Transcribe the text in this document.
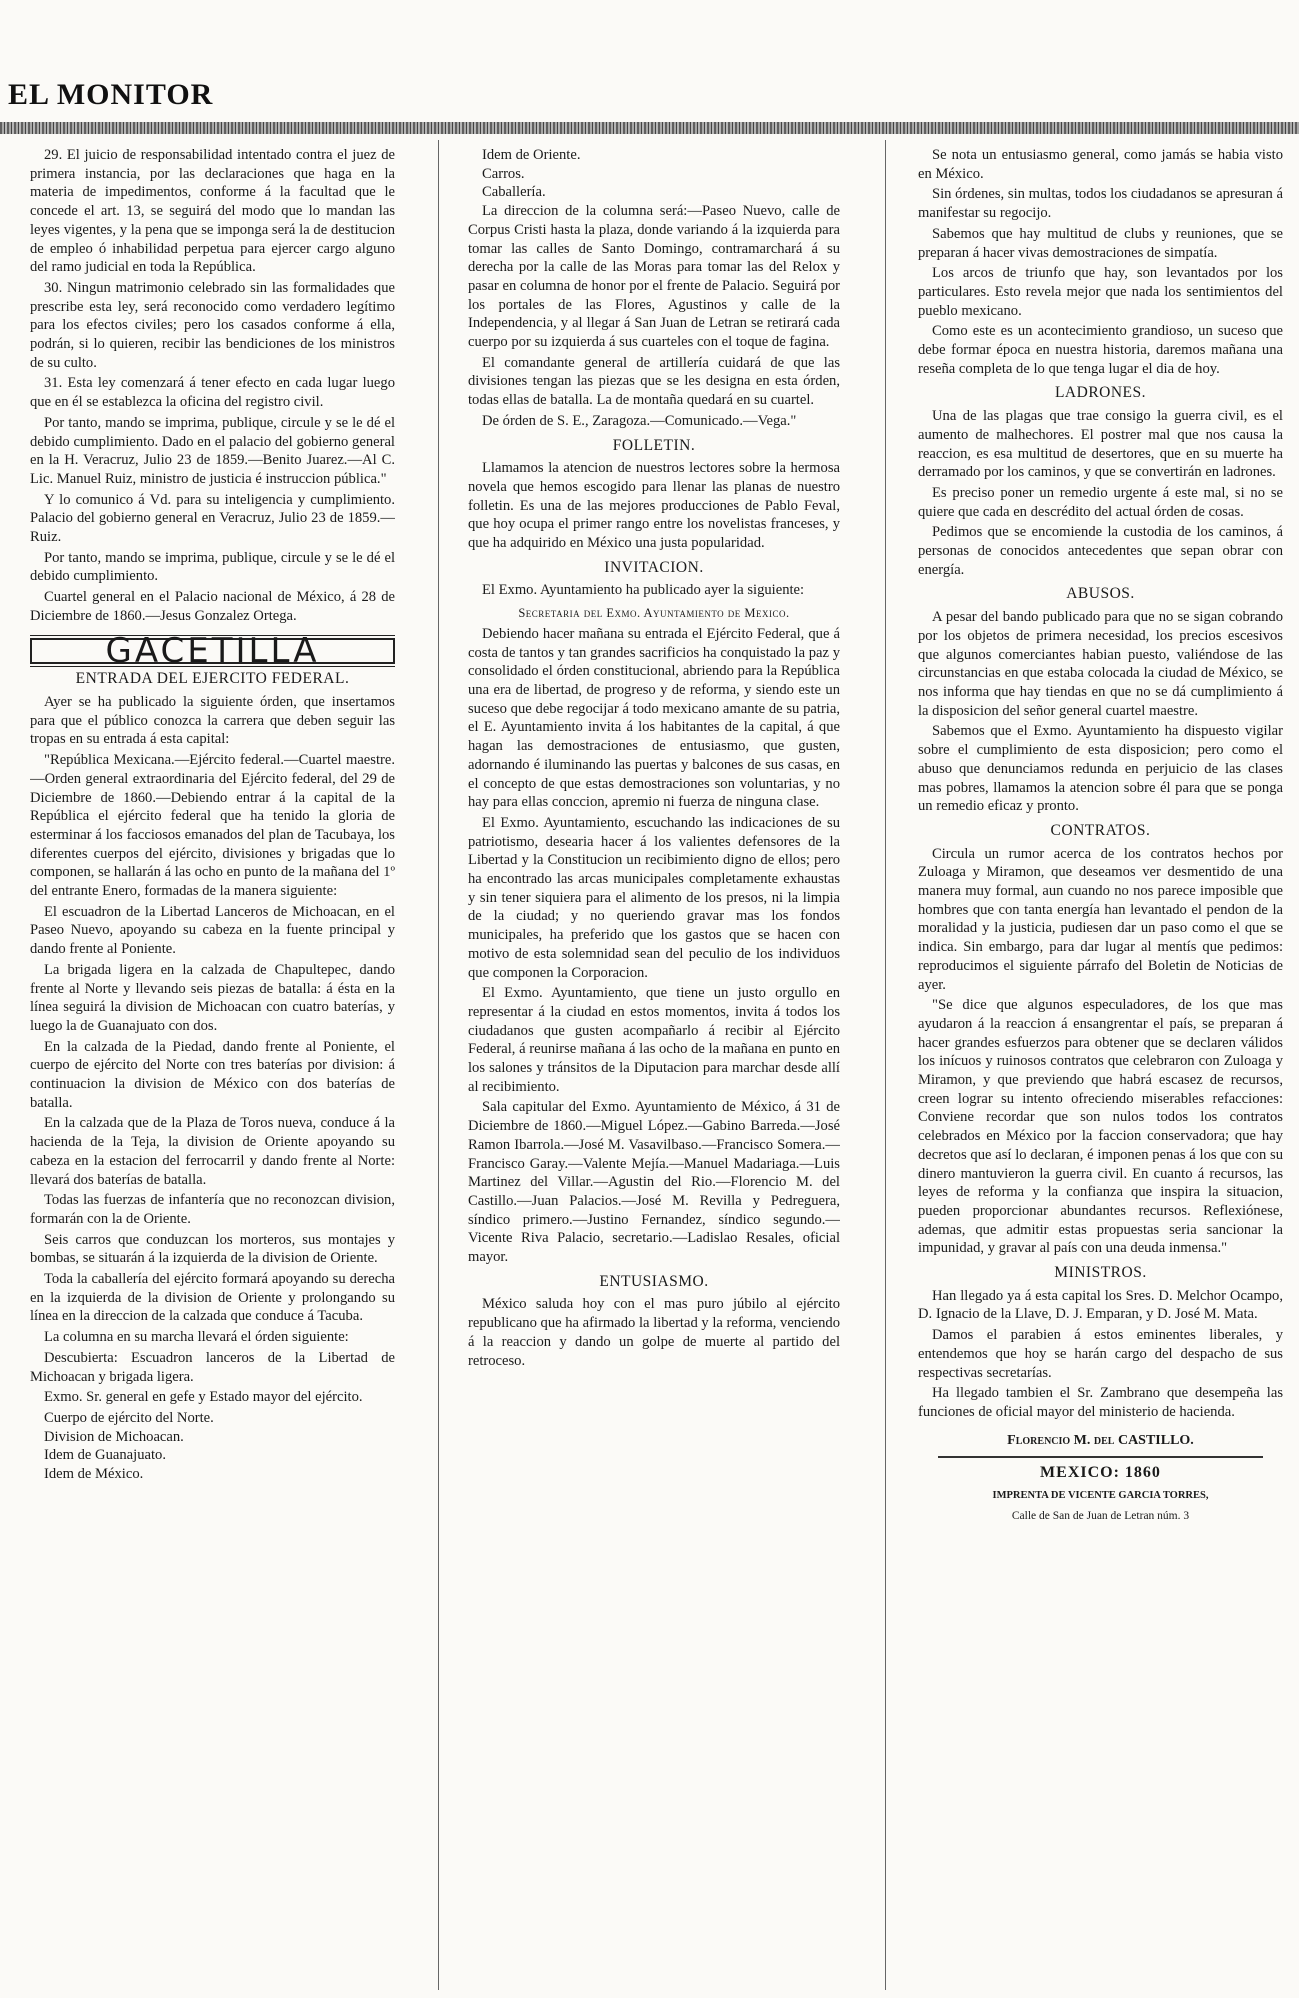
EL MONITOR

29. El juicio de responsabilidad intentado contra el juez de primera instancia, por las declaraciones que haga en la materia de impedimentos, conforme á la facultad que le concede el art. 13, se seguirá del modo que lo mandan las leyes vigentes, y la pena que se imponga será la de destitucion de empleo ó inhabilidad perpetua para ejercer cargo alguno del ramo judicial en toda la República.

30. Ningun matrimonio celebrado sin las formalidades que prescribe esta ley, será reconocido como verdadero legítimo para los efectos civiles; pero los casados conforme á ella, podrán, si lo quieren, recibir las bendiciones de los ministros de su culto.

31. Esta ley comenzará á tener efecto en cada lugar luego que en él se establezca la oficina del registro civil.

Por tanto, mando se imprima, publique, circule y se le dé el debido cumplimiento. Dado en el palacio del gobierno general en la H. Veracruz, Julio 23 de 1859.—Benito Juarez.—Al C. Lic. Manuel Ruiz, ministro de justicia é instruccion pública."

Y lo comunico á Vd. para su inteligencia y cumplimiento. Palacio del gobierno general en Veracruz, Julio 23 de 1859.—Ruiz.

Por tanto, mando se imprima, publique, circule y se le dé el debido cumplimiento.

Cuartel general en el Palacio nacional de México, á 28 de Diciembre de 1860.—Jesus Gonzalez Ortega.

GACETILLA
ENTRADA DEL EJERCITO FEDERAL.

Ayer se ha publicado la siguiente órden, que insertamos para que el público conozca la carrera que deben seguir las tropas en su entrada á esta capital:

"República Mexicana.—Ejército federal.—Cuartel maestre.—Orden general extraordinaria del Ejército federal, del 29 de Diciembre de 1860.—Debiendo entrar á la capital de la República el ejército federal que ha tenido la gloria de esterminar á los facciosos emanados del plan de Tacubaya, los diferentes cuerpos del ejército, divisiones y brigadas que lo componen, se hallarán á las ocho en punto de la mañana del 1º del entrante Enero, formadas de la manera siguiente:

El escuadron de la Libertad Lanceros de Michoacan, en el Paseo Nuevo, apoyando su cabeza en la fuente principal y dando frente al Poniente.

La brigada ligera en la calzada de Chapultepec, dando frente al Norte y llevando seis piezas de batalla: á ésta en la línea seguirá la division de Michoacan con cuatro baterías, y luego la de Guanajuato con dos.

En la calzada de la Piedad, dando frente al Poniente, el cuerpo de ejército del Norte con tres baterías por division: á continuacion la division de México con dos baterías de batalla.

En la calzada que de la Plaza de Toros nueva, conduce á la hacienda de la Teja, la division de Oriente apoyando su cabeza en la estacion del ferrocarril y dando frente al Norte: llevará dos baterías de batalla.

Todas las fuerzas de infantería que no reconozcan division, formarán con la de Oriente.

Seis carros que conduzcan los morteros, sus montajes y bombas, se situarán á la izquierda de la division de Oriente.

Toda la caballería del ejército formará apoyando su derecha en la izquierda de la division de Oriente y prolongando su línea en la direccion de la calzada que conduce á Tacuba.

La columna en su marcha llevará el órden siguiente:

Descubierta: Escuadron lanceros de la Libertad de Michoacan y brigada ligera.

Exmo. Sr. general en gefe y Estado mayor del ejército.

Cuerpo de ejército del Norte.

Division de Michoacan.

Idem de Guanajuato.

Idem de México.

Idem de Oriente.

Carros.

Caballería.

La direccion de la columna será:—Paseo Nuevo, calle de Corpus Cristi hasta la plaza, donde variando á la izquierda para tomar las calles de Santo Domingo, contramarchará á su derecha por la calle de las Moras para tomar las del Relox y pasar en columna de honor por el frente de Palacio. Seguirá por los portales de las Flores, Agustinos y calle de la Independencia, y al llegar á San Juan de Letran se retirará cada cuerpo por su izquierda á sus cuarteles con el toque de fagina.

El comandante general de artillería cuidará de que las divisiones tengan las piezas que se les designa en esta órden, todas ellas de batalla. La de montaña quedará en su cuartel.

De órden de S. E., Zaragoza.—Comunicado.—Vega."

FOLLETIN.

Llamamos la atencion de nuestros lectores sobre la hermosa novela que hemos escogido para llenar las planas de nuestro folletin. Es una de las mejores producciones de Pablo Feval, que hoy ocupa el primer rango entre los novelistas franceses, y que ha adquirido en México una justa popularidad.

INVITACION.

El Exmo. Ayuntamiento ha publicado ayer la siguiente:

Secretaria del Exmo. Ayuntamiento de Mexico.

Debiendo hacer mañana su entrada el Ejército Federal, que á costa de tantos y tan grandes sacrificios ha conquistado la paz y consolidado el órden constitucional, abriendo para la República una era de libertad, de progreso y de reforma, y siendo este un suceso que debe regocijar á todo mexicano amante de su patria, el E. Ayuntamiento invita á los habitantes de la capital, á que hagan las demostraciones de entusiasmo, que gusten, adornando é iluminando las puertas y balcones de sus casas, en el concepto de que estas demostraciones son voluntarias, y no hay para ellas conccion, apremio ni fuerza de ninguna clase.

El Exmo. Ayuntamiento, escuchando las indicaciones de su patriotismo, desearia hacer á los valientes defensores de la Libertad y la Constitucion un recibimiento digno de ellos; pero ha encontrado las arcas municipales completamente exhaustas y sin tener siquiera para el alimento de los presos, ni la limpia de la ciudad; y no queriendo gravar mas los fondos municipales, ha preferido que los gastos que se hacen con motivo de esta solemnidad sean del peculio de los individuos que componen la Corporacion.

El Exmo. Ayuntamiento, que tiene un justo orgullo en representar á la ciudad en estos momentos, invita á todos los ciudadanos que gusten acompañarlo á recibir al Ejército Federal, á reunirse mañana á las ocho de la mañana en punto en los salones y tránsitos de la Diputacion para marchar desde allí al recibimiento.

Sala capitular del Exmo. Ayuntamiento de México, á 31 de Diciembre de 1860.—Miguel López.—Gabino Barreda.—José Ramon Ibarrola.—José M. Vasavilbaso.—Francisco Somera.—Francisco Garay.—Valente Mejía.—Manuel Madariaga.—Luis Martinez del Villar.—Agustin del Rio.—Florencio M. del Castillo.—Juan Palacios.—José M. Revilla y Pedreguera, síndico primero.—Justino Fernandez, síndico segundo.—Vicente Riva Palacio, secretario.—Ladislao Resales, oficial mayor.

ENTUSIASMO.

México saluda hoy con el mas puro júbilo al ejército republicano que ha afirmado la libertad y la reforma, venciendo á la reaccion y dando un golpe de muerte al partido del retroceso.

Se nota un entusiasmo general, como jamás se habia visto en México.

Sin órdenes, sin multas, todos los ciudadanos se apresuran á manifestar su regocijo.

Sabemos que hay multitud de clubs y reuniones, que se preparan á hacer vivas demostraciones de simpatía.

Los arcos de triunfo que hay, son levantados por los particulares. Esto revela mejor que nada los sentimientos del pueblo mexicano.

Como este es un acontecimiento grandioso, un suceso que debe formar época en nuestra historia, daremos mañana una reseña completa de lo que tenga lugar el dia de hoy.

LADRONES.

Una de las plagas que trae consigo la guerra civil, es el aumento de malhechores. El postrer mal que nos causa la reaccion, es esa multitud de desertores, que en su muerte ha derramado por los caminos, y que se convertirán en ladrones.

Es preciso poner un remedio urgente á este mal, si no se quiere que cada en descrédito del actual órden de cosas.

Pedimos que se encomiende la custodia de los caminos, á personas de conocidos antecedentes que sepan obrar con energía.

ABUSOS.

A pesar del bando publicado para que no se sigan cobrando por los objetos de primera necesidad, los precios escesivos que algunos comerciantes habian puesto, valiéndose de las circunstancias en que estaba colocada la ciudad de México, se nos informa que hay tiendas en que no se dá cumplimiento á la disposicion del señor general cuartel maestre.

Sabemos que el Exmo. Ayuntamiento ha dispuesto vigilar sobre el cumplimiento de esta disposicion; pero como el abuso que denunciamos redunda en perjuicio de las clases mas pobres, llamamos la atencion sobre él para que se ponga un remedio eficaz y pronto.

CONTRATOS.

Circula un rumor acerca de los contratos hechos por Zuloaga y Miramon, que deseamos ver desmentido de una manera muy formal, aun cuando no nos parece imposible que hombres que con tanta energía han levantado el pendon de la moralidad y la justicia, pudiesen dar un paso como el que se indica. Sin embargo, para dar lugar al mentís que pedimos: reproducimos el siguiente párrafo del Boletin de Noticias de ayer.

"Se dice que algunos especuladores, de los que mas ayudaron á la reaccion á ensangrentar el país, se preparan á hacer grandes esfuerzos para obtener que se declaren válidos los inícuos y ruinosos contratos que celebraron con Zuloaga y Miramon, y que previendo que habrá escasez de recursos, creen lograr su intento ofreciendo miserables refacciones: Conviene recordar que son nulos todos los contratos celebrados en México por la faccion conservadora; que hay decretos que así lo declaran, é imponen penas á los que con su dinero mantuvieron la guerra civil. En cuanto á recursos, las leyes de reforma y la confianza que inspira la situacion, pueden proporcionar abundantes recursos. Reflexiónese, ademas, que admitir estas propuestas seria sancionar la impunidad, y gravar al país con una deuda inmensa."

MINISTROS.

Han llegado ya á esta capital los Sres. D. Melchor Ocampo, D. Ignacio de la Llave, D. J. Emparan, y D. José M. Mata.

Damos el parabien á estos eminentes liberales, y entendemos que hoy se harán cargo del despacho de sus respectivas secretarías.

Ha llegado tambien el Sr. Zambrano que desempeña las funciones de oficial mayor del ministerio de hacienda.

Florencio M. del CASTILLO.
MEXICO: 1860
IMPRENTA DE VICENTE GARCIA TORRES,
Calle de San de Juan de Letran núm. 3
